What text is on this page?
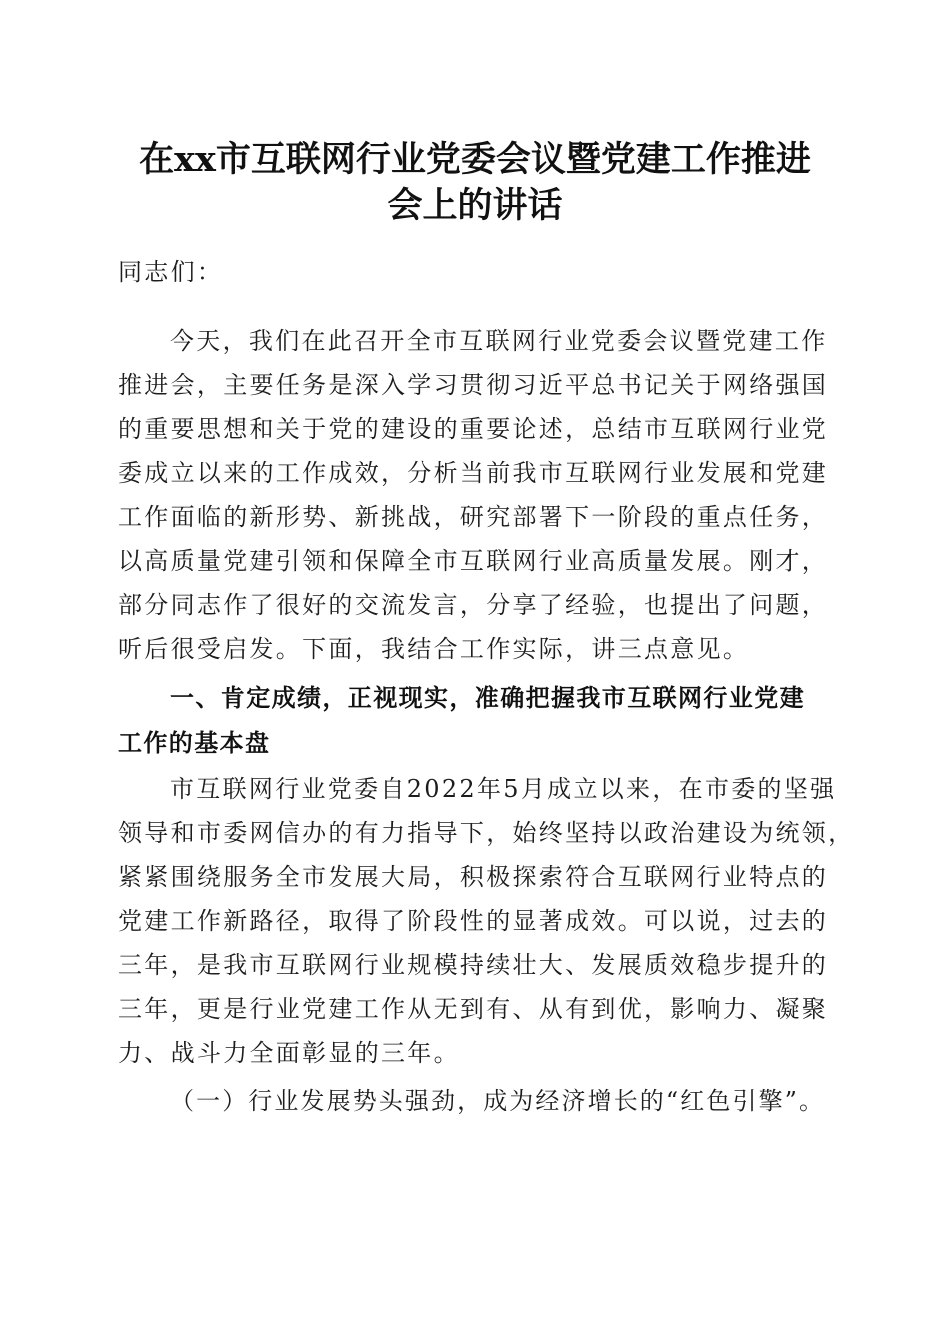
在xx市互联网行业党委会议暨党建工作推进
会上的讲话

同志们：

今天，我们在此召开全市互联网行业党委会议暨党建工作

推进会，主要任务是深入学习贯彻习近平总书记关于网络强国

的重要思想和关于党的建设的重要论述，总结市互联网行业党

委成立以来的工作成效，分析当前我市互联网行业发展和党建

工作面临的新形势、新挑战，研究部署下一阶段的重点任务，

以高质量党建引领和保障全市互联网行业高质量发展。刚才，

部分同志作了很好的交流发言，分享了经验，也提出了问题，

听后很受启发。下面，我结合工作实际，讲三点意见。

一、肯定成绩，正视现实，准确把握我市互联网行业党建

工作的基本盘

市互联网行业党委自2022年5月成立以来，在市委的坚强

领导和市委网信办的有力指导下，始终坚持以政治建设为统领，

紧紧围绕服务全市发展大局，积极探索符合互联网行业特点的

党建工作新路径，取得了阶段性的显著成效。可以说，过去的

三年，是我市互联网行业规模持续壮大、发展质效稳步提升的

三年，更是行业党建工作从无到有、从有到优，影响力、凝聚

力、战斗力全面彰显的三年。

（一）行业发展势头强劲，成为经济增长的“红色引擎”。
